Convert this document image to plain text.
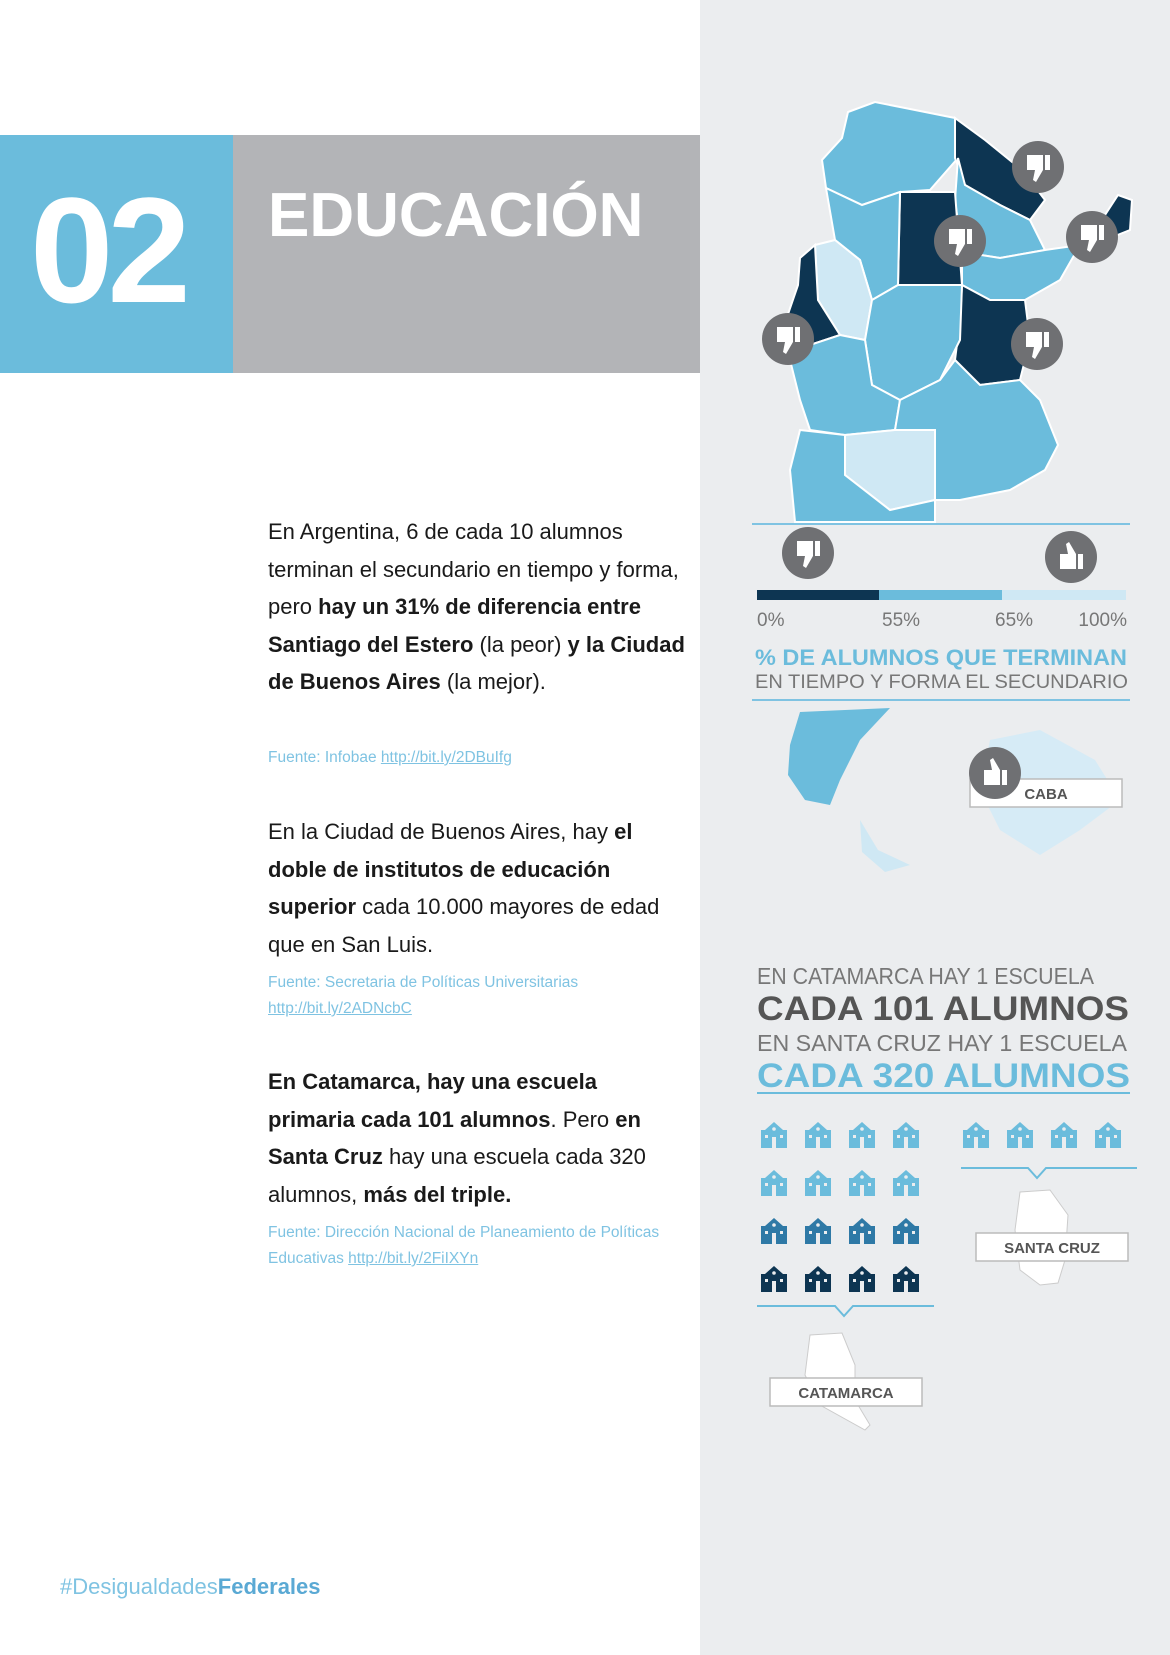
02 EDUCACIÓN

En Argentina, 6 de cada 10 alumnos terminan el secundario en tiempo y forma, pero hay un 31% de diferencia entre Santiago del Estero (la peor) y la Ciudad de Buenos Aires (la mejor).

Fuente: Infobae http://bit.ly/2DBuIfg

En la Ciudad de Buenos Aires, hay el doble de institutos de educación superior cada 10.000 mayores de edad que en San Luis.

Fuente: Secretaria de Políticas Universitarias http://bit.ly/2ADNcbC

En Catamarca, hay una escuela primaria cada 101 alumnos. Pero en Santa Cruz hay una escuela cada 320 alumnos, más del triple.

Fuente: Dirección Nacional de Planeamiento de Políticas Educativas http://bit.ly/2FiIXYn

#DesigualdadesFederales
0%	55%	65% 100%
% DE ALUMNOS QUE TERMINAN
EN TIEMPO Y FORMA EL SECUNDARIO
CABA
EN CATAMARCA HAY 1 ESCUELA
CADA 101 ALUMNOS
EN SANTA CRUZ HAY 1 ESCUELA
CADA 320 ALUMNOS
SANTA CRUZ
CATAMARCA
